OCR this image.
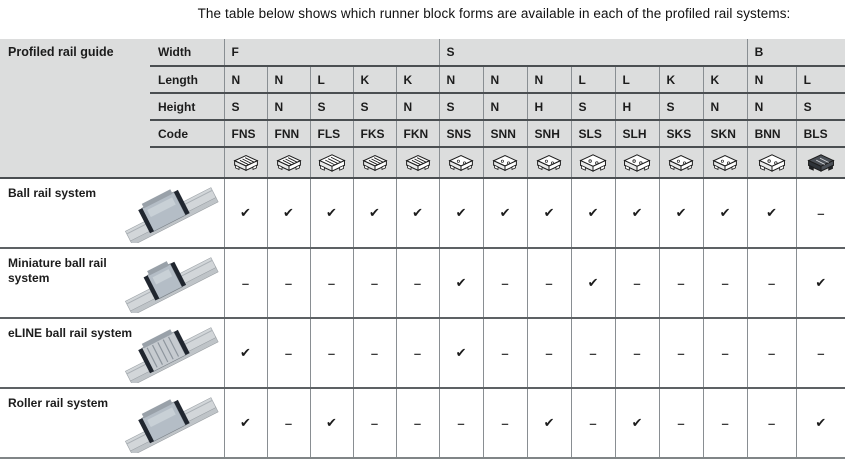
The table below shows which runner block forms are available in each of the profiled rail systems:
Profiled rail guide	Width	F					S							B	
	Length	N	N	L	K	K	N	N	N	L	L	K	K	N	L
	Height	S	N	S	S	N	S	N	H	S	H	S	N	N	S
	Code	FNS	FNN	FLS	FKS	FKN	SNS	SNN	SNH	SLS	SLH	SKS	SKN	BNN	BLS

Ball rail system		✔	✔	✔	✔	✔	✔	✔	✔	✔	✔	✔	✔	✔	–

Miniature ball rail system		–	–	–	–	–	✔	–	–	✔	–	–	–	–	✔

eLINE ball rail system		✔	–	–	–	–	✔	–	–	–	–	–	–	–	–

Roller rail system		✔	–	✔	–	–	–	–	✔	–	✔	–	–	–	✔
